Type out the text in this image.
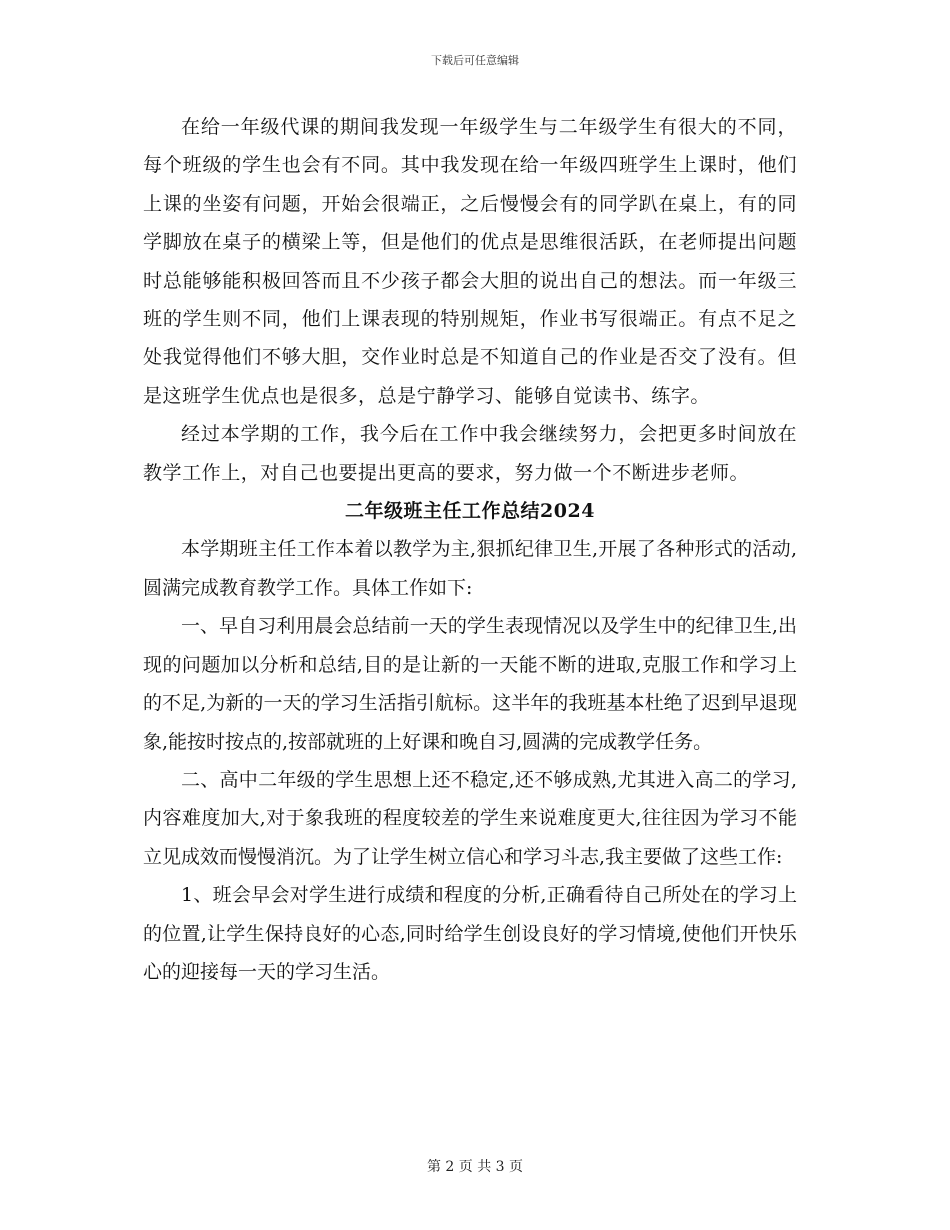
下载后可任意编辑

在给一年级代课的期间我发现一年级学生与二年级学生有很大的不同，每个班级的学生也会有不同。其中我发现在给一年级四班学生上课时，他们上课的坐姿有问题，开始会很端正，之后慢慢会有的同学趴在桌上，有的同学脚放在桌子的横梁上等，但是他们的优点是思维很活跃，在老师提出问题时总能够能积极回答而且不少孩子都会大胆的说出自己的想法。而一年级三班的学生则不同，他们上课表现的特别规矩，作业书写很端正。有点不足之处我觉得他们不够大胆，交作业时总是不知道自己的作业是否交了没有。但是这班学生优点也是很多，总是宁静学习、能够自觉读书、练字。

经过本学期的工作，我今后在工作中我会继续努力，会把更多时间放在教学工作上，对自己也要提出更高的要求，努力做一个不断进步老师。

二年级班主任工作总结2024

本学期班主任工作本着以教学为主,狠抓纪律卫生,开展了各种形式的活动,圆满完成教育教学工作。具体工作如下:

一、早自习利用晨会总结前一天的学生表现情况以及学生中的纪律卫生,出现的问题加以分析和总结,目的是让新的一天能不断的进取,克服工作和学习上的不足,为新的一天的学习生活指引航标。这半年的我班基本杜绝了迟到早退现象,能按时按点的,按部就班的上好课和晚自习,圆满的完成教学任务。

二、高中二年级的学生思想上还不稳定,还不够成熟,尤其进入高二的学习,内容难度加大,对于象我班的程度较差的学生来说难度更大,往往因为学习不能立见成效而慢慢消沉。为了让学生树立信心和学习斗志,我主要做了这些工作:

1、班会早会对学生进行成绩和程度的分析,正确看待自己所处在的学习上的位置,让学生保持良好的心态,同时给学生创设良好的学习情境,使他们开快乐心的迎接每一天的学习生活。

第 2 页 共 3 页
